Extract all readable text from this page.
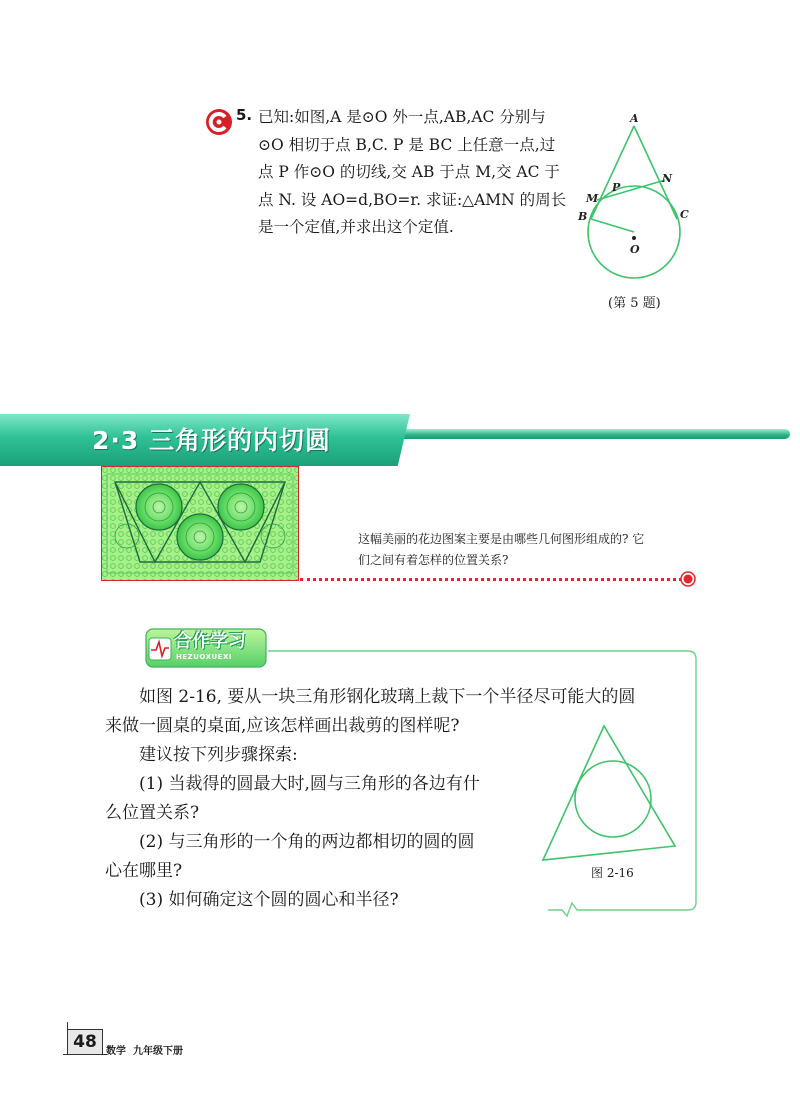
5. 已知:如图,A 是⊙O 外一点,AB,AC 分别与
⊙O 相切于点 B,C. P 是 BC 上任意一点,过
点 P 作⊙O 的切线,交 AB 于点 M,交 AC 于
点 N. 设 AO=d,BO=r. 求证:△AMN 的周长
是一个定值,并求出这个定值.
A
N
M
P
B	C
O
(第 5 题)
2·3 三角形的内切圆
这幅美丽的花边图案主要是由哪些几何图形组成的? 它
们之间有着怎样的位置关系?
合作学习
HEZUOXUEXI
　　如图 2-16, 要从一块三角形钢化玻璃上裁下一个半径尽可能大的圆
来做一圆桌的桌面,应该怎样画出裁剪的图样呢?
　　建议按下列步骤探索:
　　(1) 当裁得的圆最大时,圆与三角形的各边有什
么位置关系?
　　(2) 与三角形的一个角的两边都相切的圆的圆
心在哪里?
　　(3) 如何确定这个圆的圆心和半径?
图 2-16
48 数学  九年级下册
